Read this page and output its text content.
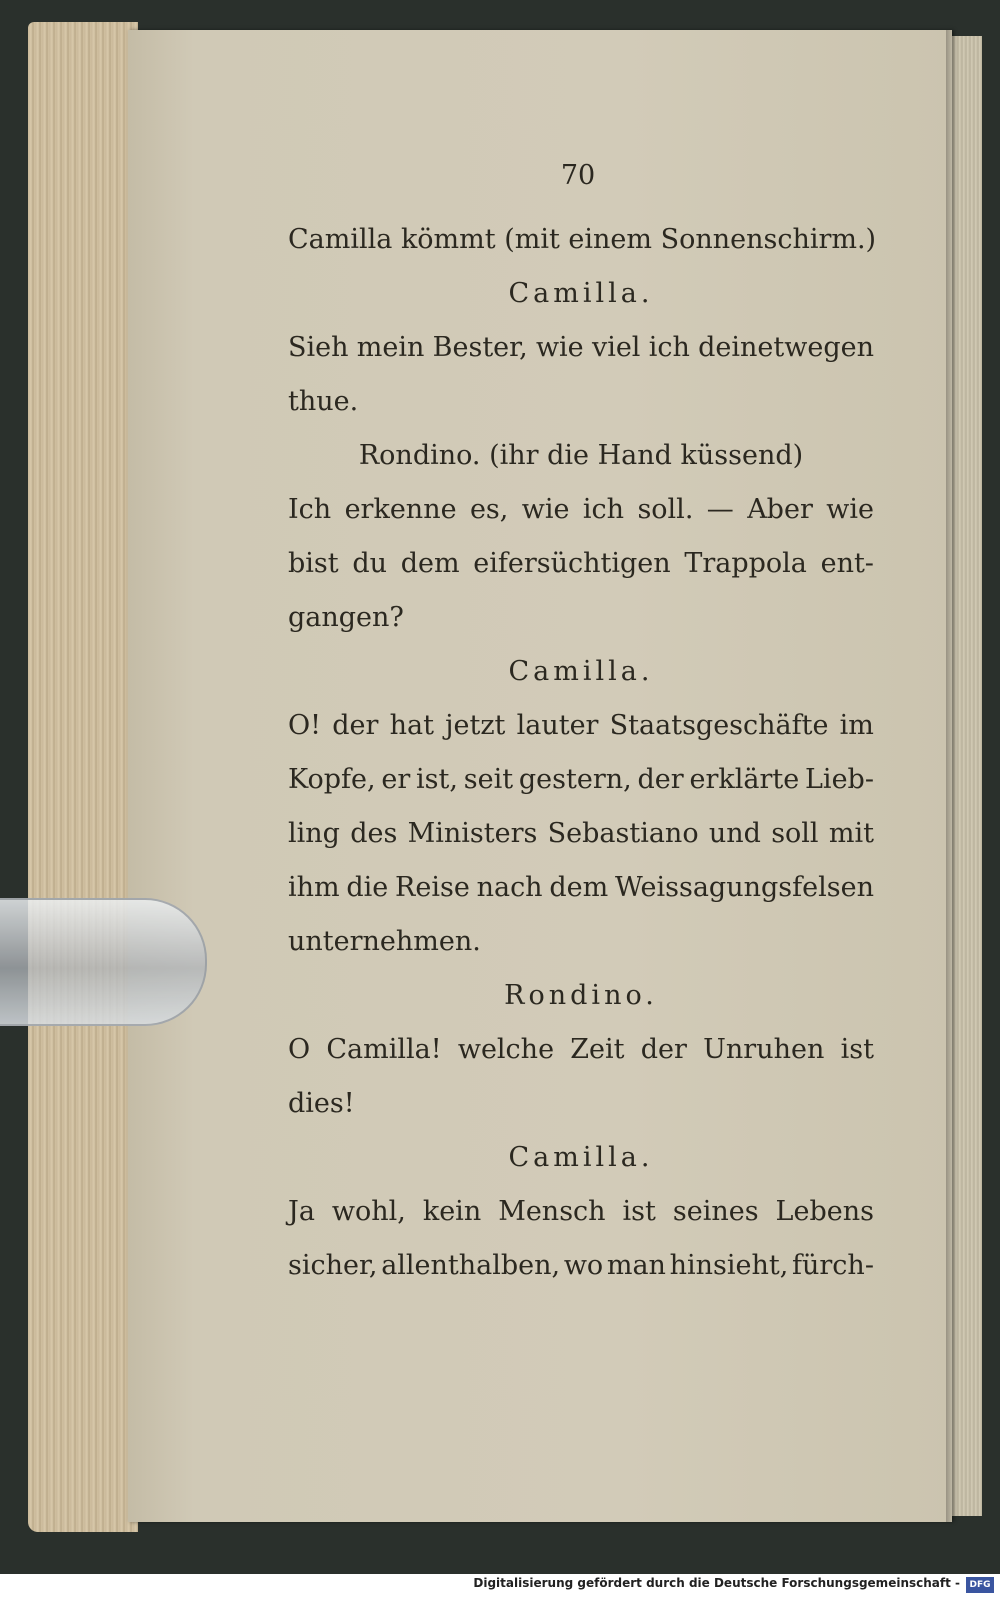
70
Camilla kömmt (mit einem Sonnenschirm.)
Camilla.
Sieh mein Bester, wie viel ich deinetwegen
thue.
Rondino. (ihr die Hand küssend)
Ich erkenne es, wie ich soll. — Aber wie
bist du dem eifersüchtigen Trappola ent-
gangen?
Camilla.
O! der hat jetzt lauter Staatsgeschäfte im
Kopfe, er ist, seit gestern, der erklärte Lieb-
ling des Ministers Sebastiano und soll mit
ihm die Reise nach dem Weissagungsfelsen
unternehmen.
Rondino.
O Camilla! welche Zeit der Unruhen ist
dies!
Camilla.
Ja wohl, kein Mensch ist seines Lebens
sicher, allenthalben, wo man hinsieht, fürch-
Digitalisierung gefördert durch die Deutsche Forschungsgemeinschaft -	DFG
